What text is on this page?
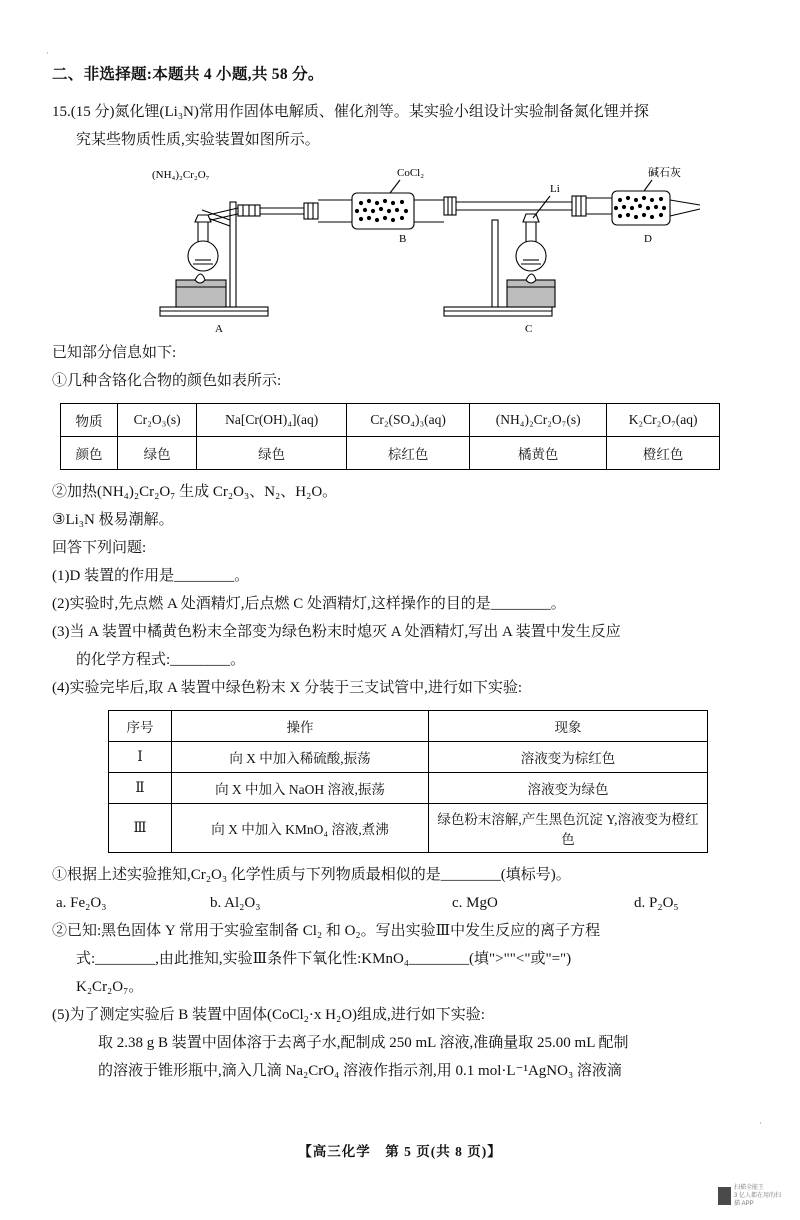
二、非选择题:本题共 4 小题,共 58 分。
15.(15 分)氮化锂(Li₃N)常用作固体电解质、催化剂等。某实验小组设计实验制备氮化锂并探
究某些物质性质,实验装置如图所示。
(NH₄)₂Cr₂O₇	CoCl₂
B
A	C
D
Li
碱石灰
已知部分信息如下:
①几种含铬化合物的颜色如表所示:
物质	Cr₂O₃(s)	Na[Cr(OH)₄](aq)	Cr₂(SO₄)₃(aq)	(NH₄)₂Cr₂O₇(s)	K₂Cr₂O₇(aq)
颜色	绿色	绿色	棕红色	橘黄色	橙红色
②加热(NH₄)₂Cr₂O₇ 生成 Cr₂O₃、N₂、H₂O。
③Li₃N 极易潮解。
回答下列问题:
(1)D 装置的作用是________。
(2)实验时,先点燃 A 处酒精灯,后点燃 C 处酒精灯,这样操作的目的是________。
(3)当 A 装置中橘黄色粉末全部变为绿色粉末时熄灭 A 处酒精灯,写出 A 装置中发生反应
的化学方程式:________。
(4)实验完毕后,取 A 装置中绿色粉末 X 分装于三支试管中,进行如下实验:
序号	操作	现象
Ⅰ	向 X 中加入稀硫酸,振荡	溶液变为棕红色
Ⅱ	向 X 中加入 NaOH 溶液,振荡	溶液变为绿色
Ⅲ	向 X 中加入 KMnO₄ 溶液,煮沸	绿色粉末溶解,产生黑色沉淀 Y,溶液变为橙红色
①根据上述实验推知,Cr₂O₃ 化学性质与下列物质最相似的是________(填标号)。
a. Fe₂O₃	b. Al₂O₃	c. MgO	d. P₂O₅
②已知:黑色固体 Y 常用于实验室制备 Cl₂ 和 O₂。写出实验Ⅲ中发生反应的离子方程
式:________,由此推知,实验Ⅲ条件下氧化性:KMnO₄________(填">""<"或"=")
K₂Cr₂O₇。
(5)为了测定实验后 B 装置中固体(CoCl₂·x H₂O)组成,进行如下实验:
取 2.38 g B 装置中固体溶于去离子水,配制成 250 mL 溶液,准确量取 25.00 mL 配制
的溶液于锥形瓶中,滴入几滴 Na₂CrO₄ 溶液作指示剂,用 0.1 mol·L⁻¹AgNO₃ 溶液滴
【高三化学　第 5 页(共 8 页)】
扫描全能王
3 亿人都在用的扫描 APP
·
·
